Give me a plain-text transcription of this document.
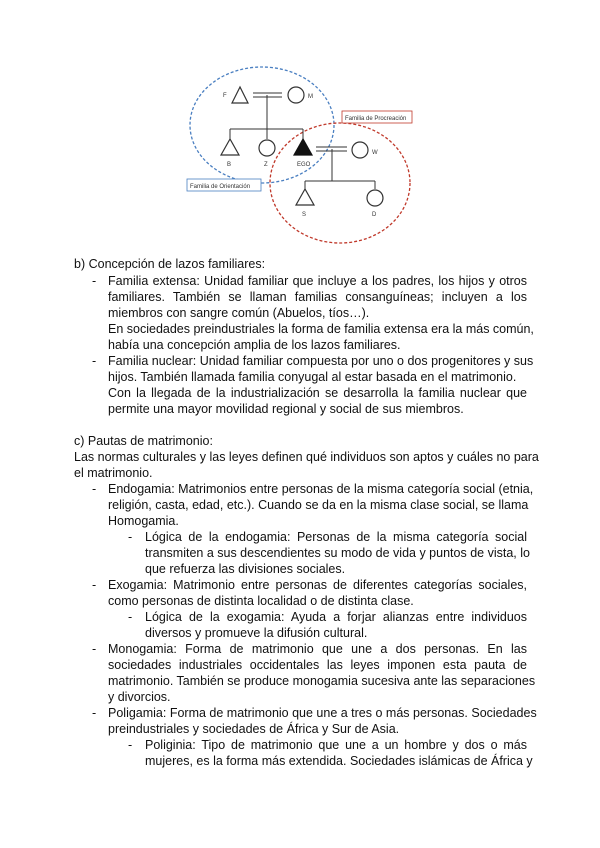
F	M
B	Z	EGO
W
S	D
Familia de Procreación
Familia de Orientación
b) Concepción de lazos familiares:
- Familia extensa: Unidad familiar que incluye a los padres, los hijos y otros
familiares. También se llaman familias consanguíneas; incluyen a los
miembros con sangre común (Abuelos, tíos…).
En sociedades preindustriales la forma de familia extensa era la más común,
había una concepción amplia de los lazos familiares.
- Familia nuclear: Unidad familiar compuesta por uno o dos progenitores y sus
hijos. También llamada familia conyugal al estar basada en el matrimonio.
Con la llegada de la industrialización se desarrolla la familia nuclear que
permite una mayor movilidad regional y social de sus miembros.
c) Pautas de matrimonio:
Las normas culturales y las leyes definen qué individuos son aptos y cuáles no para
el matrimonio.
- Endogamia: Matrimonios entre personas de la misma categoría social (etnia,
religión, casta, edad, etc.). Cuando se da en la misma clase social, se llama
Homogamia.
- Lógica de la endogamia: Personas de la misma categoría social
transmiten a sus descendientes su modo de vida y puntos de vista, lo
que refuerza las divisiones sociales.
- Exogamia: Matrimonio entre personas de diferentes categorías sociales,
como personas de distinta localidad o de distinta clase.
- Lógica de la exogamia: Ayuda a forjar alianzas entre individuos
diversos y promueve la difusión cultural.
- Monogamia: Forma de matrimonio que une a dos personas. En las
sociedades industriales occidentales las leyes imponen esta pauta de
matrimonio. También se produce monogamia sucesiva ante las separaciones
y divorcios.
- Poligamia: Forma de matrimonio que une a tres o más personas. Sociedades
preindustriales y sociedades de África y Sur de Asia.
- Poliginia: Tipo de matrimonio que une a un hombre y dos o más
mujeres, es la forma más extendida. Sociedades islámicas de África y
